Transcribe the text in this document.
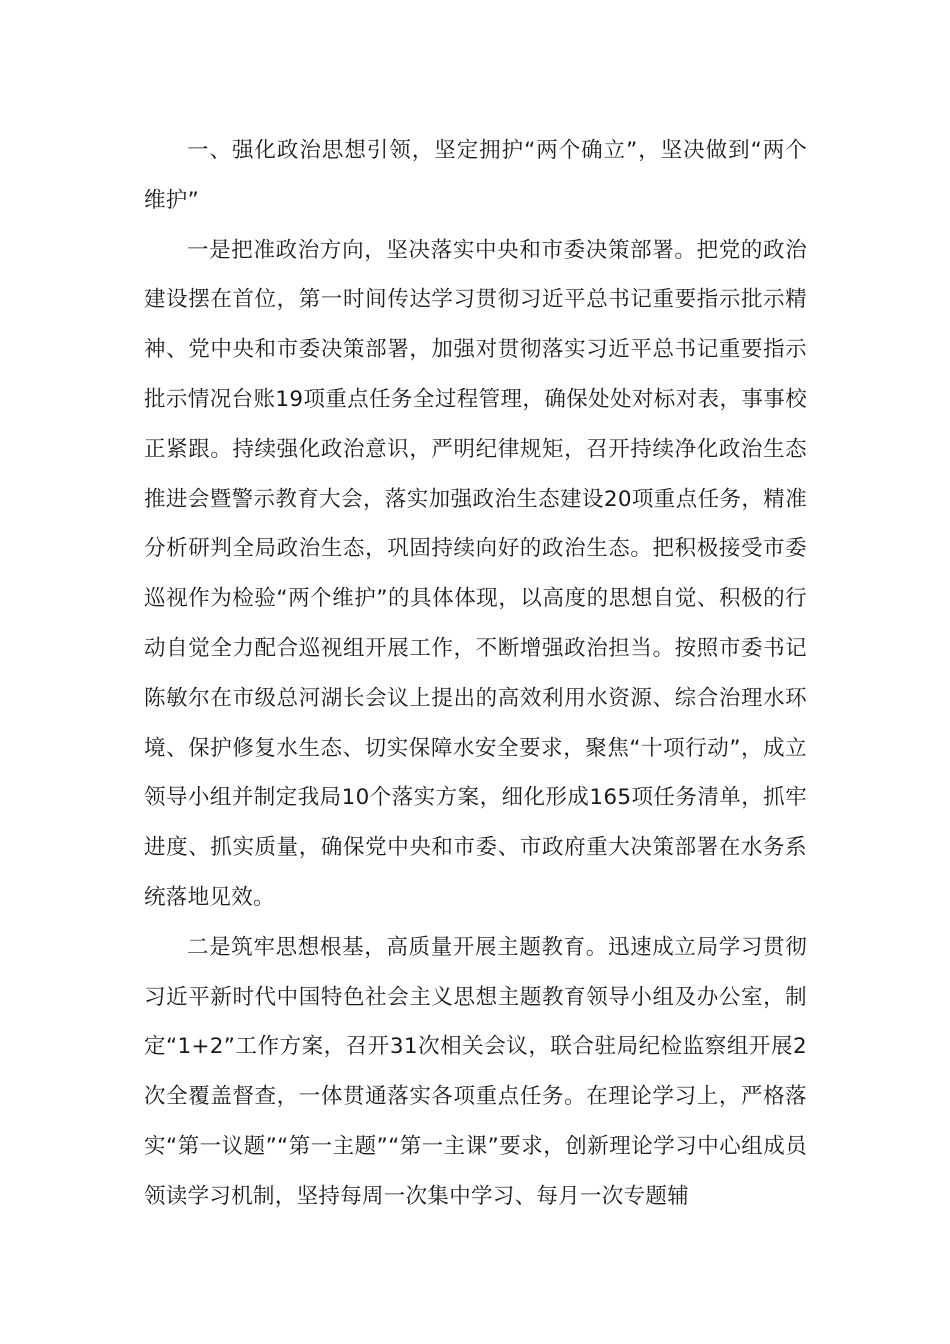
一、强化政治思想引领，坚定拥护“两个确立”，坚决做到“两个维护”

一是把准政治方向，坚决落实中央和市委决策部署。把党的政治建设摆在首位，第一时间传达学习贯彻习近平总书记重要指示批示精神、党中央和市委决策部署，加强对贯彻落实习近平总书记重要指示批示情况台账19项重点任务全过程管理，确保处处对标对表，事事校正紧跟。持续强化政治意识，严明纪律规矩，召开持续净化政治生态推进会暨警示教育大会，落实加强政治生态建设20项重点任务，精准分析研判全局政治生态，巩固持续向好的政治生态。把积极接受市委巡视作为检验“两个维护”的具体体现，以高度的思想自觉、积极的行动自觉全力配合巡视组开展工作，不断增强政治担当。按照市委书记陈敏尔在市级总河湖长会议上提出的高效利用水资源、综合治理水环境、保护修复水生态、切实保障水安全要求，聚焦“十项行动”，成立领导小组并制定我局10个落实方案，细化形成165项任务清单，抓牢进度、抓实质量，确保党中央和市委、市政府重大决策部署在水务系统落地见效。

二是筑牢思想根基，高质量开展主题教育。迅速成立局学习贯彻习近平新时代中国特色社会主义思想主题教育领导小组及办公室，制定“1+2”工作方案，召开31次相关会议，联合驻局纪检监察组开展2次全覆盖督查，一体贯通落实各项重点任务。在理论学习上，严格落实“第一议题”“第一主题”“第一主课”要求，创新理论学习中心组成员领读学习机制，坚持每周一次集中学习、每月一次专题辅
